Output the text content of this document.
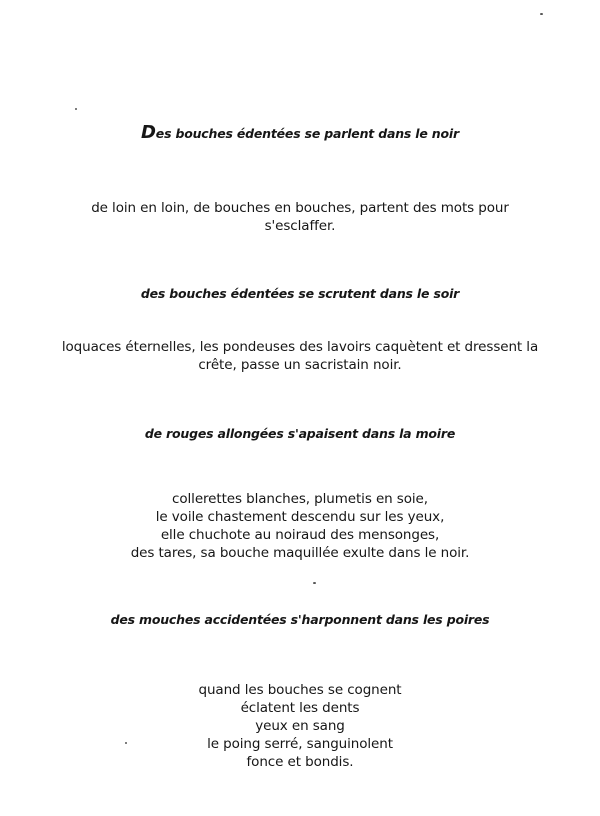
Des bouches édentées se parlent dans le noir
de loin en loin, de bouches en bouches, partent des mots pour
s'esclaffer.
des bouches édentées se scrutent dans le soir
loquaces éternelles, les pondeuses des lavoirs caquètent et dressent la
crête, passe un sacristain noir.
de rouges allongées s'apaisent dans la moire
collerettes blanches, plumetis en soie,
le voile chastement descendu sur les yeux,
elle chuchote au noiraud des mensonges,
des tares, sa bouche maquillée exulte dans le noir.
des mouches accidentées s'harponnent dans les poires
quand les bouches se cognent
éclatent les dents
yeux en sang
le poing serré, sanguinolent
fonce et bondis.
